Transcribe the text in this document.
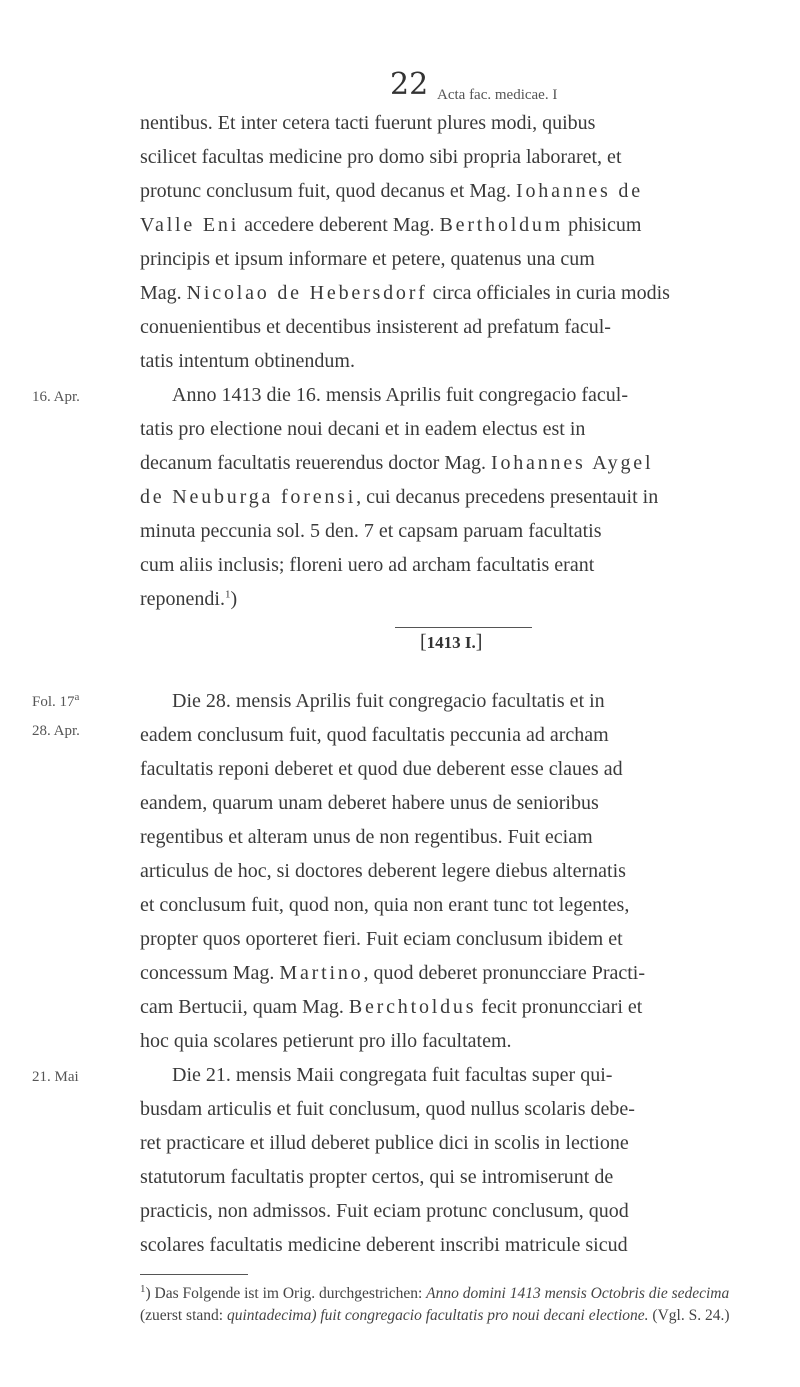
22 Acta fac. medicae. I

nentibus. Et inter cetera tacti fuerunt plures modi, quibus

scilicet facultas medicine pro domo sibi propria laboraret, et

protunc conclusum fuit, quod decanus et Mag. Iohannes de

Valle Eni accedere deberent Mag. Bertholdum phisicum

principis et ipsum informare et petere, quatenus una cum

Mag. Nicolao de Hebersdorf circa officiales in curia modis

conuenientibus et decentibus insisterent ad prefatum facul-

tatis intentum obtinendum.

16. Apr.	Anno 1413 die 16. mensis Aprilis fuit congregacio facul-

tatis pro electione noui decani et in eadem electus est in

decanum facultatis reuerendus doctor Mag. Iohannes Aygel

de Neuburga forensi, cui decanus precedens presentauit in

minuta peccunia sol. 5 den. 7 et capsam paruam facultatis

cum aliis inclusis; floreni uero ad archam facultatis erant

reponendi.$^1$)

[1413 I.]
Fol. 17$^a$
28. Apr.

Die 28. mensis Aprilis fuit congregacio facultatis et in

eadem conclusum fuit, quod facultatis peccunia ad archam

facultatis reponi deberet et quod due deberent esse claues ad

eandem, quarum unam deberet habere unus de senioribus

regentibus et alteram unus de non regentibus. Fuit eciam

articulus de hoc, si doctores deberent legere diebus alternatis

et conclusum fuit, quod non, quia non erant tunc tot legentes,

propter quos oporteret fieri. Fuit eciam conclusum ibidem et

concessum Mag. Martino, quod deberet pronuncciare Practi-

cam Bertucii, quam Mag. Berchtoldus fecit pronuncciari et

hoc quia scolares petierunt pro illo facultatem.

21. Mai	Die 21. mensis Maii congregata fuit facultas super qui-

busdam articulis et fuit conclusum, quod nullus scolaris debe-

ret practicare et illud deberet publice dici in scolis in lectione

statutorum facultatis propter certos, qui se intromiserunt de

practicis, non admissos. Fuit eciam protunc conclusum, quod

scolares facultatis medicine deberent inscribi matricule sicud

$^1$) Das Folgende ist im Orig. durchgestrichen: Anno domini 1413 mensis Octobris die sedecima (zuerst stand: quintadecima) fuit congregacio facultatis pro noui decani electione. (Vgl. S. 24.)
